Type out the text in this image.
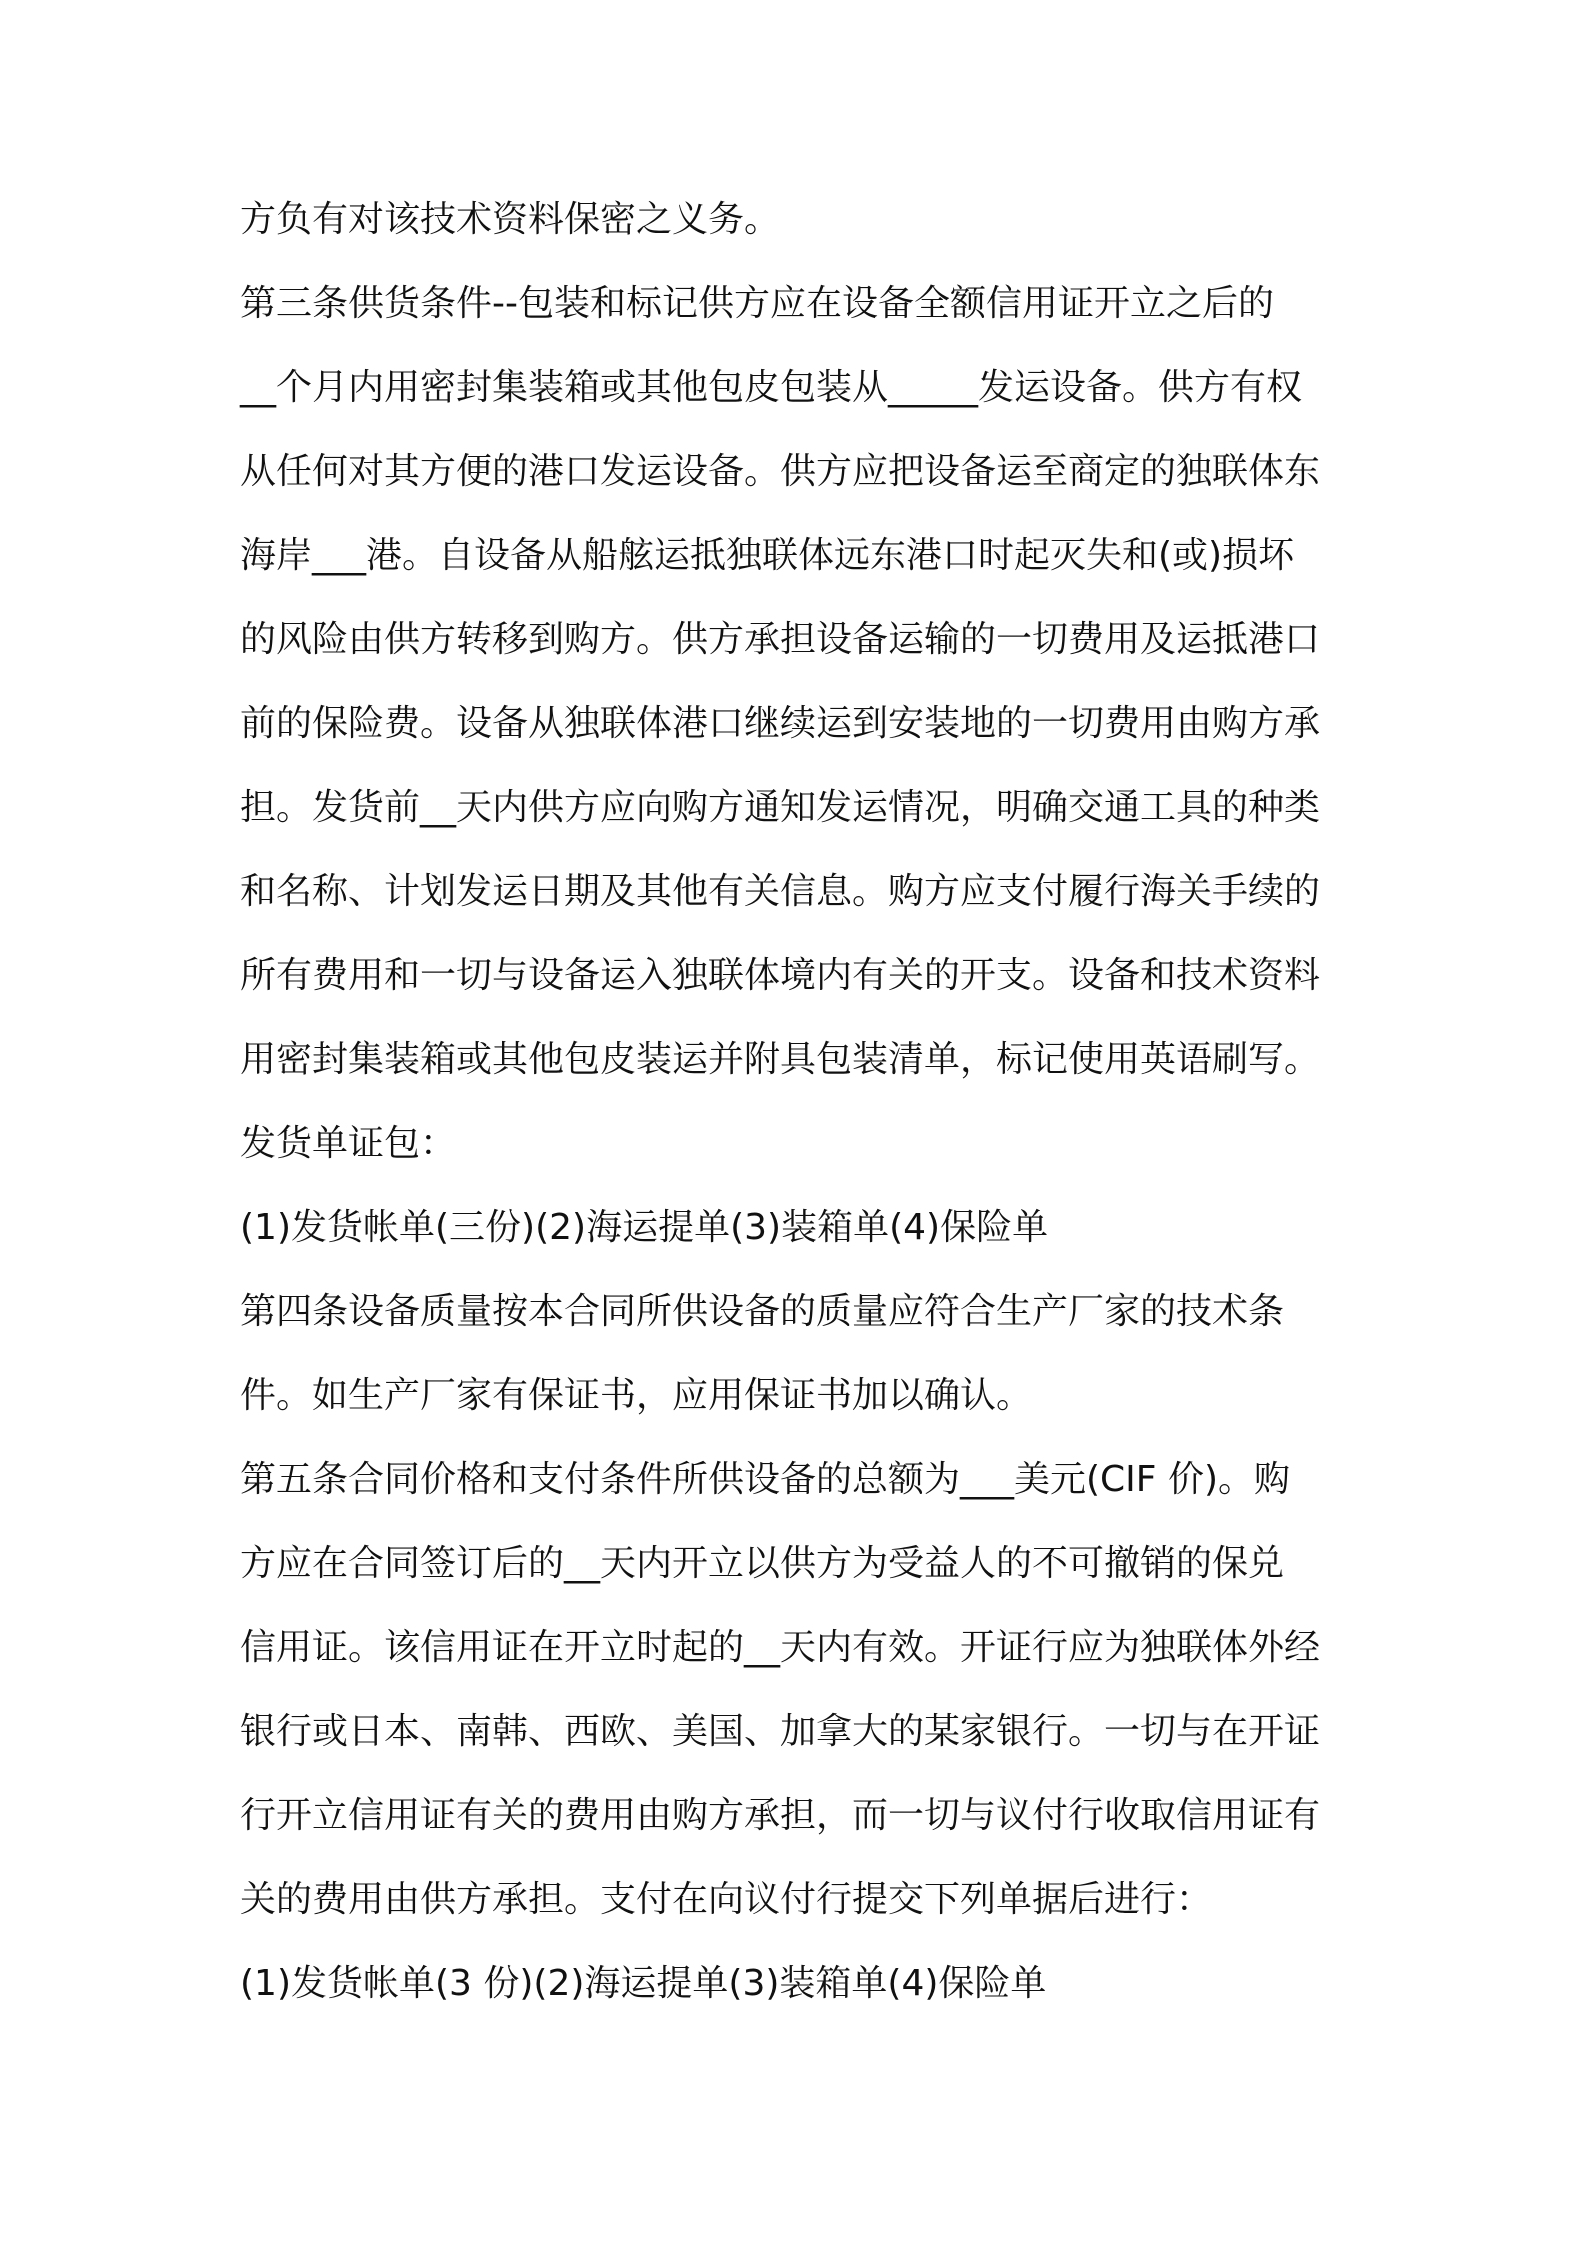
方负有对该技术资料保密之义务。
第三条供货条件--包装和标记供方应在设备全额信用证开立之后的
__个月内用密封集装箱或其他包皮包装从_____发运设备。供方有权
从任何对其方便的港口发运设备。供方应把设备运至商定的独联体东
海岸___港。自设备从船舷运抵独联体远东港口时起灭失和(或)损坏
的风险由供方转移到购方。供方承担设备运输的一切费用及运抵港口
前的保险费。设备从独联体港口继续运到安装地的一切费用由购方承
担。发货前__天内供方应向购方通知发运情况，明确交通工具的种类
和名称、计划发运日期及其他有关信息。购方应支付履行海关手续的
所有费用和一切与设备运入独联体境内有关的开支。设备和技术资料
用密封集装箱或其他包皮装运并附具包装清单，标记使用英语刷写。
发货单证包：
(1)发货帐单(三份)(2)海运提单(3)装箱单(4)保险单
第四条设备质量按本合同所供设备的质量应符合生产厂家的技术条
件。如生产厂家有保证书，应用保证书加以确认。
第五条合同价格和支付条件所供设备的总额为___美元(CIF 价)。购
方应在合同签订后的__天内开立以供方为受益人的不可撤销的保兑
信用证。该信用证在开立时起的__天内有效。开证行应为独联体外经
银行或日本、南韩、西欧、美国、加拿大的某家银行。一切与在开证
行开立信用证有关的费用由购方承担，而一切与议付行收取信用证有
关的费用由供方承担。支付在向议付行提交下列单据后进行：
(1)发货帐单(3 份)(2)海运提单(3)装箱单(4)保险单
